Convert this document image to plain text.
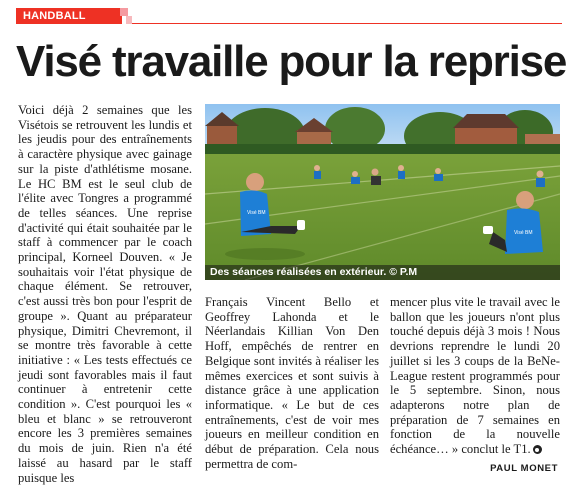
HANDBALL
Visé travaille pour la reprise

Voici déjà 2 semaines que les Visétois se retrouvent les lundis et les jeudis pour des entraînements à caractère physique avec gainage sur la piste d'athlétisme mosane. Le HC BM est le seul club de l'élite avec Tongres a programmé de telles séances. Une reprise d'activité qui était souhaitée par le staff à commencer par le coach principal, Korneel Douven. « Je souhaitais voir l'état physique de chaque élément. Se retrouver, c'est aussi très bon pour l'esprit de groupe ». Quant au préparateur physique, Dimitri Chevremont, il se montre très favorable à cette initiative : « Les tests effectués ce jeudi sont favorables mais il faut continuer à entretenir cette condition ». C'est pourquoi les « bleu et blanc » se retrouveront encore les 3 premières semaines du mois de juin. Rien n'a été laissé au hasard par le staff puisque les

Visé BM
Visé BM
Des séances réalisées en extérieur. © P.M

Français Vincent Bello et Geoffrey Lahonda et le Néerlandais Killian Von Den Hoff, empêchés de rentrer en Belgique sont invités à réaliser les mêmes exercices et sont suivis à distance grâce à une application informatique. « Le but de ces entraînements, c'est de voir mes joueurs en meilleur condition en début de préparation. Cela nous permettra de com-

mencer plus vite le travail avec le ballon que les joueurs n'ont plus touché depuis déjà 3 mois ! Nous devrions reprendre le lundi 20 juillet si les 3 coups de la BeNe-League restent programmés pour le 5 septembre. Sinon, nous adapterons notre plan de préparation de 7 semaines en fonction de la nouvelle échéance… » conclut le T1.

PAUL MONET
